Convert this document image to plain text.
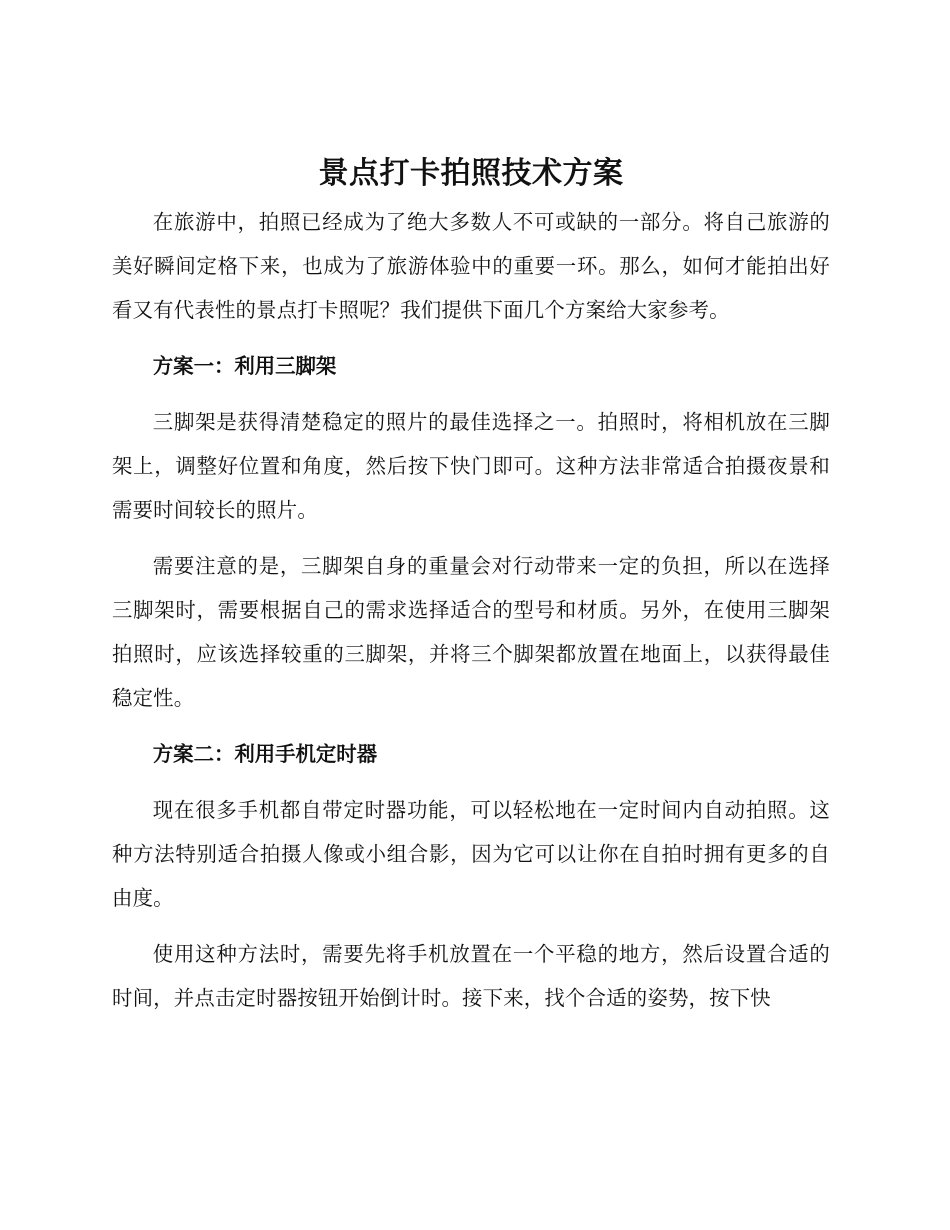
景点打卡拍照技术方案

在旅游中，拍照已经成为了绝大多数人不可或缺的一部分。将自己旅游的美好瞬间定格下来，也成为了旅游体验中的重要一环。那么，如何才能拍出好看又有代表性的景点打卡照呢？我们提供下面几个方案给大家参考。

方案一：利用三脚架

三脚架是获得清楚稳定的照片的最佳选择之一。拍照时，将相机放在三脚架上，调整好位置和角度，然后按下快门即可。这种方法非常适合拍摄夜景和需要时间较长的照片。

需要注意的是，三脚架自身的重量会对行动带来一定的负担，所以在选择三脚架时，需要根据自己的需求选择适合的型号和材质。另外，在使用三脚架拍照时，应该选择较重的三脚架，并将三个脚架都放置在地面上，以获得最佳稳定性。

方案二：利用手机定时器

现在很多手机都自带定时器功能，可以轻松地在一定时间内自动拍照。这种方法特别适合拍摄人像或小组合影，因为它可以让你在自拍时拥有更多的自由度。

使用这种方法时，需要先将手机放置在一个平稳的地方，然后设置合适的时间，并点击定时器按钮开始倒计时。接下来，找个合适的姿势，按下快
